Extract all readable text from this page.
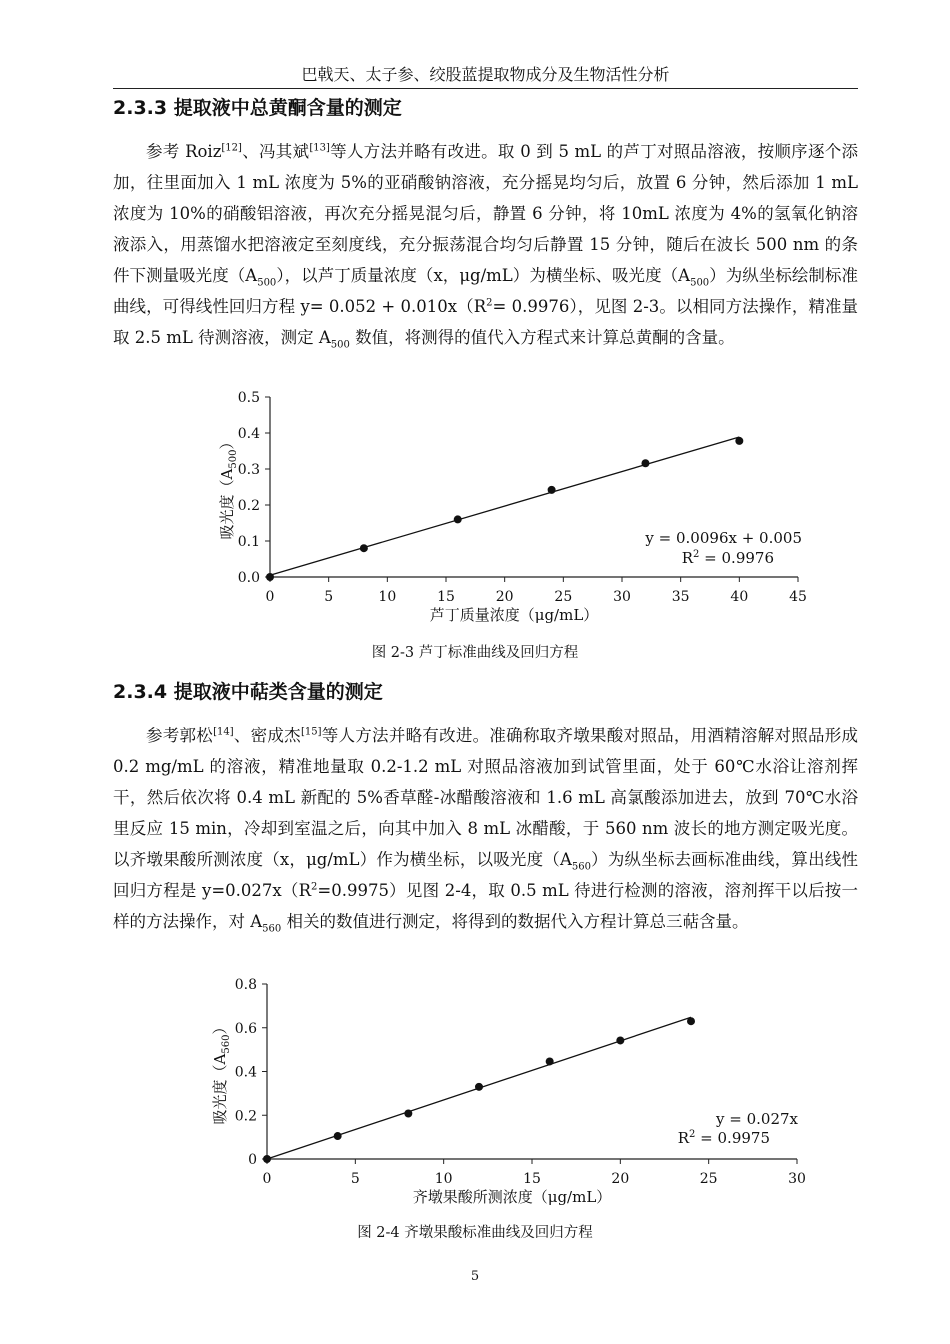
巴戟天、太子参、绞股蓝提取物成分及生物活性分析
2.3.3 提取液中总黄酮含量的测定
参考 Roiz[12]、冯其斌[13]等人方法并略有改进。取 0 到 5 mL 的芦丁对照品溶液，按顺序逐个添加，往里面加入 1 mL 浓度为 5%的亚硝酸钠溶液，充分摇晃均匀后，放置 6 分钟，然后添加 1 mL 浓度为 10%的硝酸铝溶液，再次充分摇晃混匀后，静置 6 分钟，将 10mL 浓度为 4%的氢氧化钠溶液添入，用蒸馏水把溶液定至刻度线，充分振荡混合均匀后静置 15 分钟，随后在波长 500 nm 的条件下测量吸光度$(A_{500})$，以芦丁质量浓度（x，μg/mL）为横坐标、吸光度$(A_{500})$为纵坐标绘制标准曲线，可得线性回归方程 $y= 0.052 + 0.010x(R^2= 0.9976)$，见图 2-3。以相同方法操作，精准量取 2.5 mL 待测溶液，测定 $A_{500}$ 数值，将测得的值代入方程式来计算总黄酮的含量。
0	5	10	15	20	25	30	35	40	45
0.0
0.1
0.2
0.3
0.4
0.5
芦丁质量浓度（μg/mL）
吸光度$(A_{500})$
y = 0.0096x + 0.005
$R^2 = 0.9976$
图 2-3 芦丁标准曲线及回归方程
2.3.4 提取液中萜类含量的测定
参考郭松[14]、密成杰[15]等人方法并略有改进。准确称取齐墩果酸对照品，用酒精溶解对照品形成 0.2 mg/mL 的溶液，精准地量取 0.2-1.2 mL 对照品溶液加到试管里面，处于 60℃水浴让溶剂挥干，然后依次将 0.4 mL 新配的 5%香草醛-冰醋酸溶液和 1.6 mL 高氯酸添加进去，放到 70℃水浴里反应 15 min，冷却到室温之后，向其中加入 8 mL 冰醋酸，于 560 nm 波长的地方测定吸光度。以齐墩果酸所测浓度（x，μg/mL）作为横坐标，以吸光度$(A_{560})$为纵坐标去画标准曲线，算出线性回归方程是 $y=0.027x(R^2=0.9975)$见图 2-4，取 0.5 mL 待进行检测的溶液，溶剂挥干以后按一样的方法操作，对 $A_{560}$ 相关的数值进行测定，将得到的数据代入方程计算总三萜含量。
0	5	10	15	20	25	30
0
0.2
0.4
0.6
0.8
齐墩果酸所测浓度（μg/mL）
吸光度$(A_{560})$
y = 0.027x
$R^2 = 0.9975$
图 2-4 齐墩果酸标准曲线及回归方程
5
